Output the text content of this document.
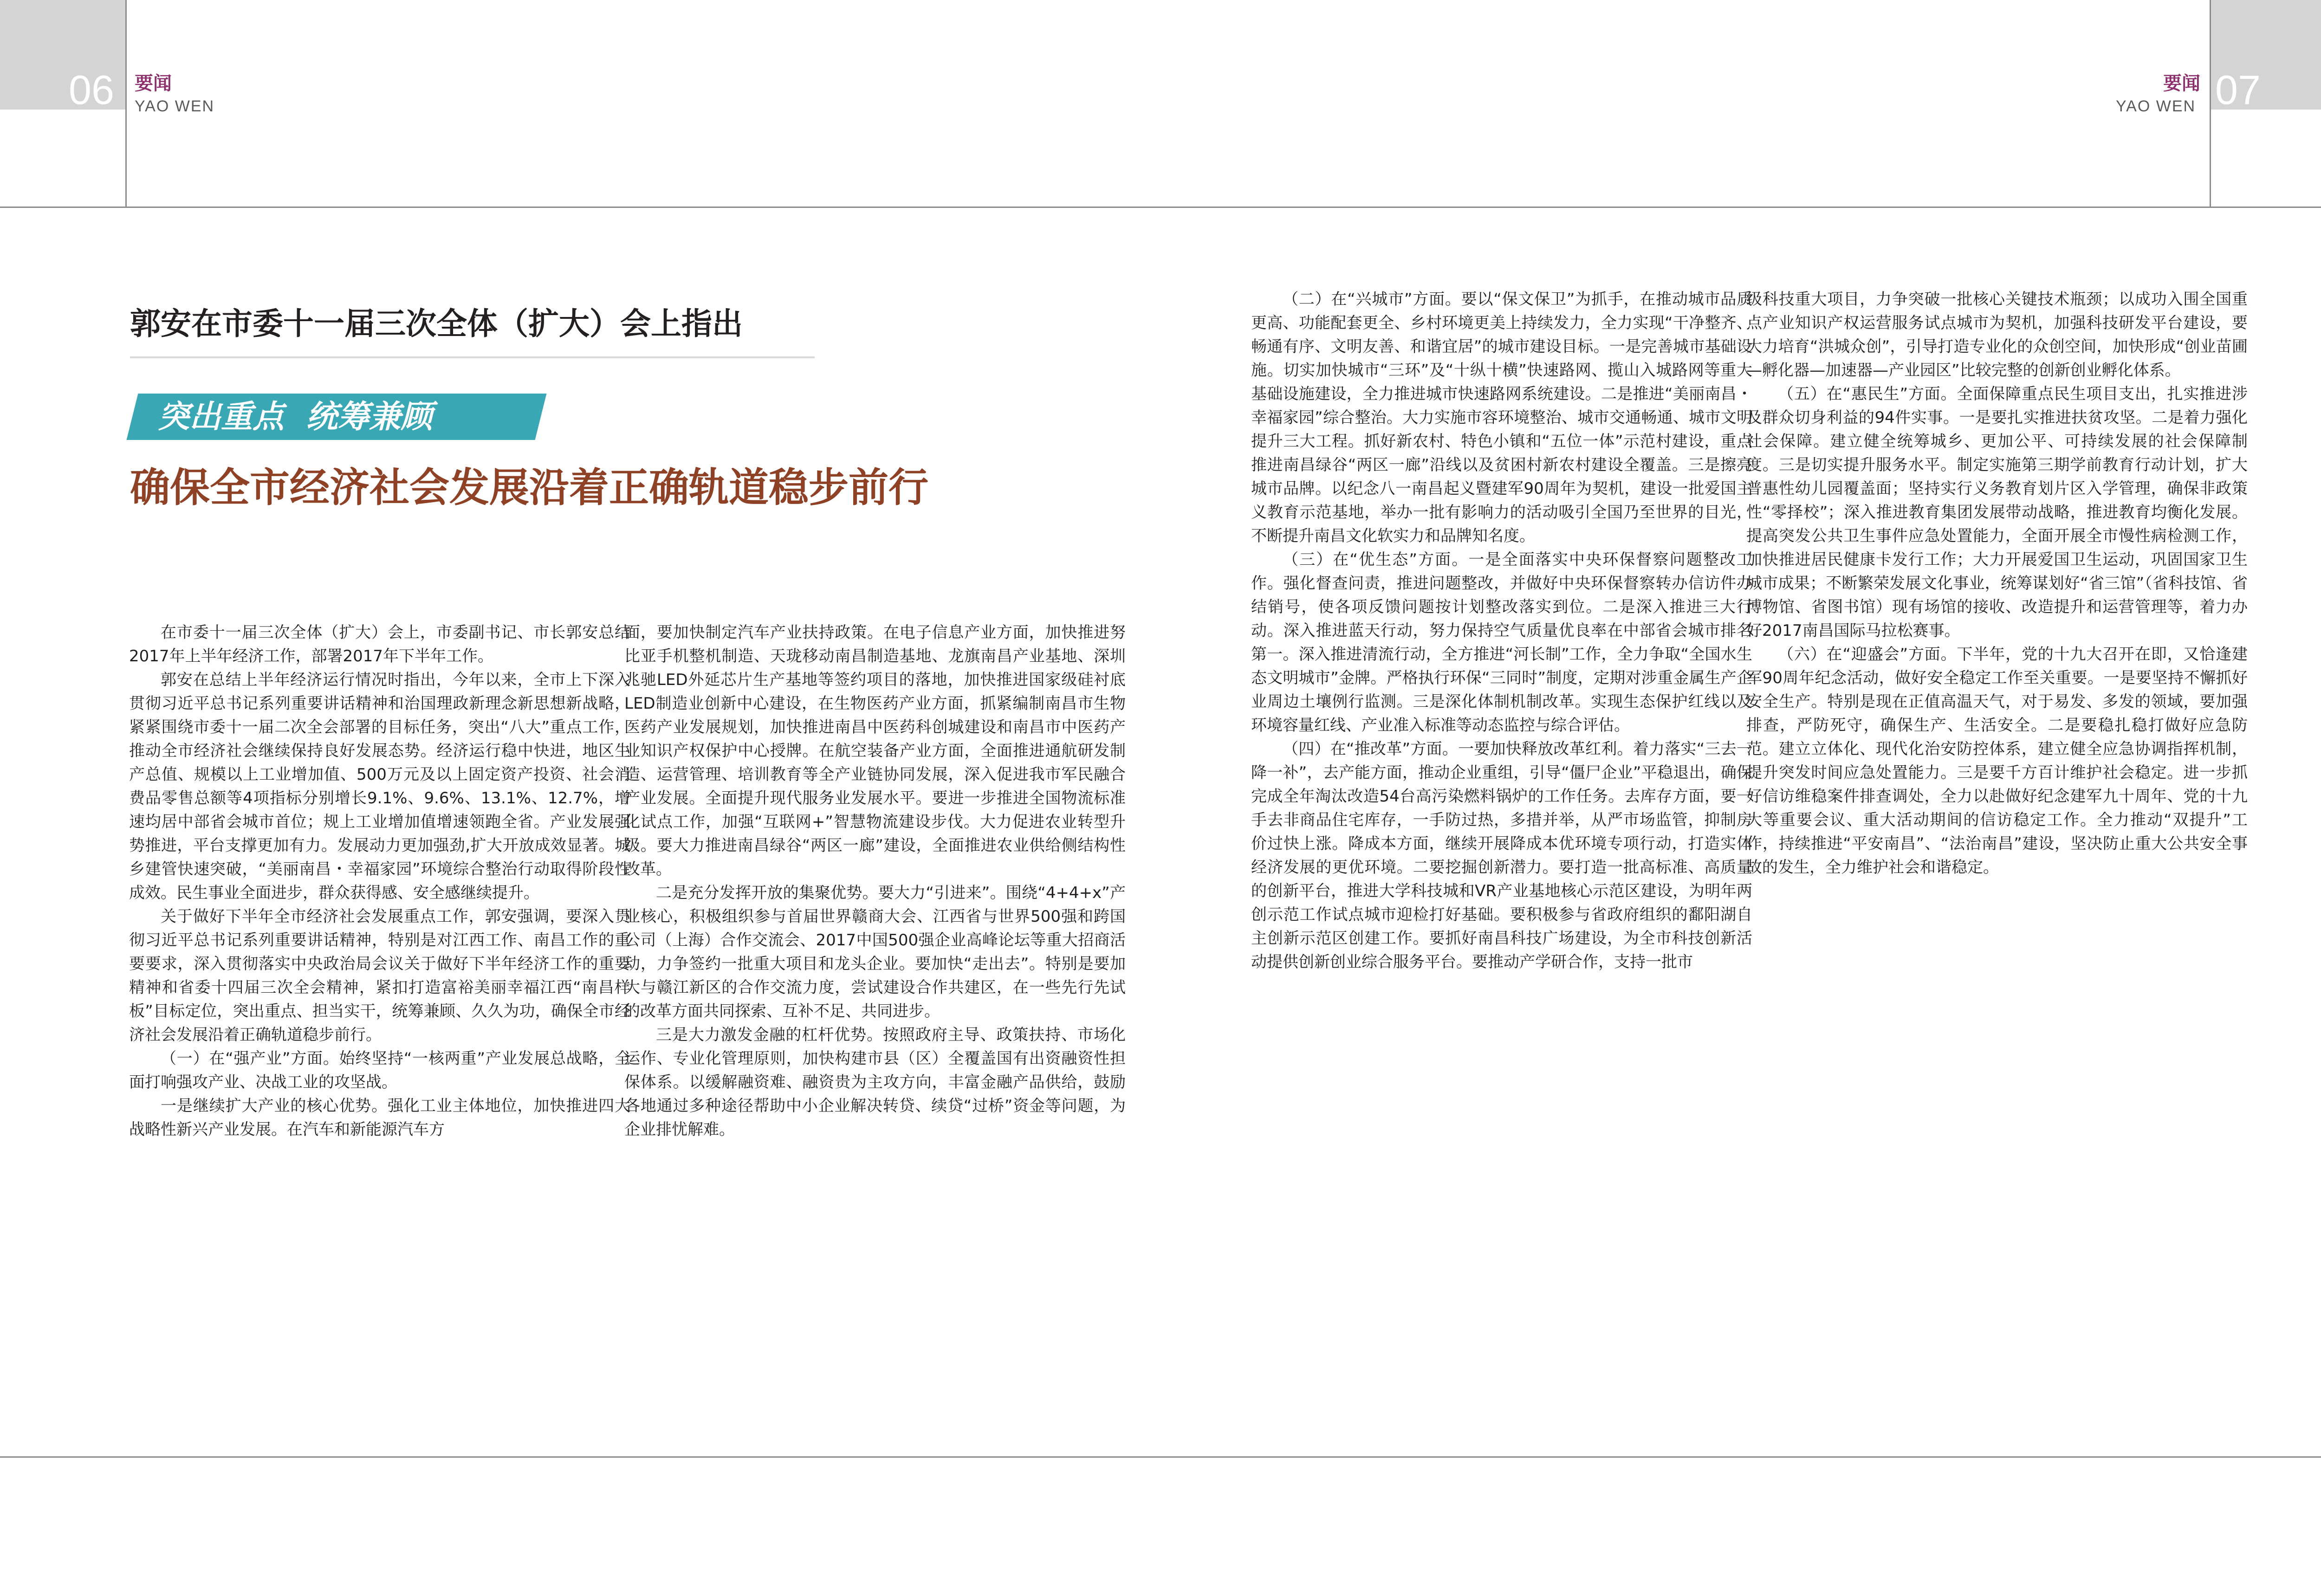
06 要闻
YAO WEN	07
要闻
YAO WEN
郭安在市委十一届三次全体（扩大）会上指出
突出重点  统筹兼顾
确保全市经济社会发展沿着正确轨道稳步前行

在市委十一届三次全体（扩大）会上，市委副书记、市长郭安总结2017年上半年经济工作，部署2017年下半年工作。

郭安在总结上半年经济运行情况时指出，今年以来，全市上下深入贯彻习近平总书记系列重要讲话精神和治国理政新理念新思想新战略，紧紧围绕市委十一届二次全会部署的目标任务，突出“八大”重点工作，推动全市经济社会继续保持良好发展态势。经济运行稳中快进，地区生产总值、规模以上工业增加值、500万元及以上固定资产投资、社会消费品零售总额等4项指标分别增长9.1%、9.6%、13.1%、12.7%，增速均居中部省会城市首位；规上工业增加值增速领跑全省。产业发展强势推进，平台支撑更加有力。发展动力更加强劲,扩大开放成效显著。城乡建管快速突破，“美丽南昌・幸福家园”环境综合整治行动取得阶段性成效。民生事业全面进步，群众获得感、安全感继续提升。

关于做好下半年全市经济社会发展重点工作，郭安强调，要深入贯彻习近平总书记系列重要讲话精神，特别是对江西工作、南昌工作的重要要求，深入贯彻落实中央政治局会议关于做好下半年经济工作的重要精神和省委十四届三次全会精神，紧扣打造富裕美丽幸福江西“南昌样板”目标定位，突出重点、担当实干，统筹兼顾、久久为功，确保全市经济社会发展沿着正确轨道稳步前行。

（一）在“强产业”方面。始终坚持“一核两重”产业发展总战略，全面打响强攻产业、决战工业的攻坚战。

一是继续扩大产业的核心优势。强化工业主体地位，加快推进四大战略性新兴产业发展。在汽车和新能源汽车方

面，要加快制定汽车产业扶持政策。在电子信息产业方面，加快推进努比亚手机整机制造、天珑移动南昌制造基地、龙旗南昌产业基地、深圳兆驰LED外延芯片生产基地等签约项目的落地，加快推进国家级硅衬底LED制造业创新中心建设，在生物医药产业方面，抓紧编制南昌市生物医药产业发展规划，加快推进南昌中医药科创城建设和南昌市中医药产业知识产权保护中心授牌。在航空装备产业方面，全面推进通航研发制造、运营管理、培训教育等全产业链协同发展，深入促进我市军民融合产业发展。全面提升现代服务业发展水平。要进一步推进全国物流标准化试点工作，加强“互联网+”智慧物流建设步伐。大力促进农业转型升级。要大力推进南昌绿谷“两区一廊”建设，全面推进农业供给侧结构性改革。

二是充分发挥开放的集聚优势。要大力“引进来”。围绕“4+4+x”产业核心，积极组织参与首届世界赣商大会、江西省与世界500强和跨国公司（上海）合作交流会、2017中国500强企业高峰论坛等重大招商活动，力争签约一批重大项目和龙头企业。要加快“走出去”。特别是要加大与赣江新区的合作交流力度，尝试建设合作共建区，在一些先行先试的改革方面共同探索、互补不足、共同进步。

三是大力激发金融的杠杆优势。按照政府主导、政策扶持、市场化运作、专业化管理原则，加快构建市县（区）全覆盖国有出资融资性担保体系。以缓解融资难、融资贵为主攻方向，丰富金融产品供给，鼓励各地通过多种途径帮助中小企业解决转贷、续贷“过桥”资金等问题，为企业排忧解难。

（二）在“兴城市”方面。要以“保文保卫”为抓手，在推动城市品质更高、功能配套更全、乡村环境更美上持续发力，全力实现“干净整齐、畅通有序、文明友善、和谐宜居”的城市建设目标。一是完善城市基础设施。切实加快城市“三环”及“十纵十横”快速路网、揽山入城路网等重大基础设施建设，全力推进城市快速路网系统建设。二是推进“美丽南昌・幸福家园”综合整治。大力实施市容环境整治、城市交通畅通、城市文明提升三大工程。抓好新农村、特色小镇和“五位一体”示范村建设，重点推进南昌绿谷“两区一廊”沿线以及贫困村新农村建设全覆盖。三是擦亮城市品牌。以纪念八一南昌起义暨建军90周年为契机，建设一批爱国主义教育示范基地，举办一批有影响力的活动吸引全国乃至世界的目光，不断提升南昌文化软实力和品牌知名度。

（三）在“优生态”方面。一是全面落实中央环保督察问题整改工作。强化督查问责，推进问题整改，并做好中央环保督察转办信访件办结销号，使各项反馈问题按计划整改落实到位。二是深入推进三大行动。深入推进蓝天行动，努力保持空气质量优良率在中部省会城市排名第一。深入推进清流行动，全方推进“河长制”工作，全力争取“全国水生态文明城市”金牌。严格执行环保“三同时”制度，定期对涉重金属生产企业周边土壤例行监测。三是深化体制机制改革。实现生态保护红线以及环境容量红线、产业准入标准等动态监控与综合评估。

（四）在“推改革”方面。一要加快释放改革红利。着力落实“三去一降一补”，去产能方面，推动企业重组，引导“僵尸企业”平稳退出，确保完成全年淘汰改造54台高污染燃料锅炉的工作任务。去库存方面，要一手去非商品住宅库存，一手防过热，多措并举，从严市场监管，抑制房价过快上涨。降成本方面，继续开展降成本优环境专项行动，打造实体经济发展的更优环境。二要挖掘创新潜力。要打造一批高标准、高质量的创新平台，推进大学科技城和VR产业基地核心示范区建设，为明年两创示范工作试点城市迎检打好基础。要积极参与省政府组织的鄱阳湖自主创新示范区创建工作。要抓好南昌科技广场建设，为全市科技创新活动提供创新创业综合服务平台。要推动产学研合作，支持一批市

级科技重大项目，力争突破一批核心关键技术瓶颈；以成功入围全国重点产业知识产权运营服务试点城市为契机，加强科技研发平台建设，要大力培育“洪城众创”，引导打造专业化的众创空间，加快形成“创业苗圃—孵化器—加速器—产业园区”比较完整的创新创业孵化体系。

（五）在“惠民生”方面。全面保障重点民生项目支出，扎实推进涉及群众切身利益的94件实事。一是要扎实推进扶贫攻坚。二是着力强化社会保障。建立健全统筹城乡、更加公平、可持续发展的社会保障制度。三是切实提升服务水平。制定实施第三期学前教育行动计划，扩大普惠性幼儿园覆盖面；坚持实行义务教育划片区入学管理，确保非政策性“零择校”；深入推进教育集团发展带动战略，推进教育均衡化发展。提高突发公共卫生事件应急处置能力，全面开展全市慢性病检测工作，加快推进居民健康卡发行工作；大力开展爱国卫生运动，巩固国家卫生城市成果；不断繁荣发展文化事业，统筹谋划好“省三馆”（省科技馆、省博物馆、省图书馆）现有场馆的接收、改造提升和运营管理等，着力办好2017南昌国际马拉松赛事。

（六）在“迎盛会”方面。下半年，党的十九大召开在即，又恰逢建军90周年纪念活动，做好安全稳定工作至关重要。一是要坚持不懈抓好安全生产。特别是现在正值高温天气，对于易发、多发的领域，要加强排查，严防死守，确保生产、生活安全。二是要稳扎稳打做好应急防范。建立立体化、现代化治安防控体系，建立健全应急协调指挥机制，提升突发时间应急处置能力。三是要千方百计维护社会稳定。进一步抓好信访维稳案件排查调处，全力以赴做好纪念建军九十周年、党的十九大等重要会议、重大活动期间的信访稳定工作。全力推动“双提升”工作，持续推进“平安南昌”、“法治南昌”建设，坚决防止重大公共安全事故的发生，全力维护社会和谐稳定。
